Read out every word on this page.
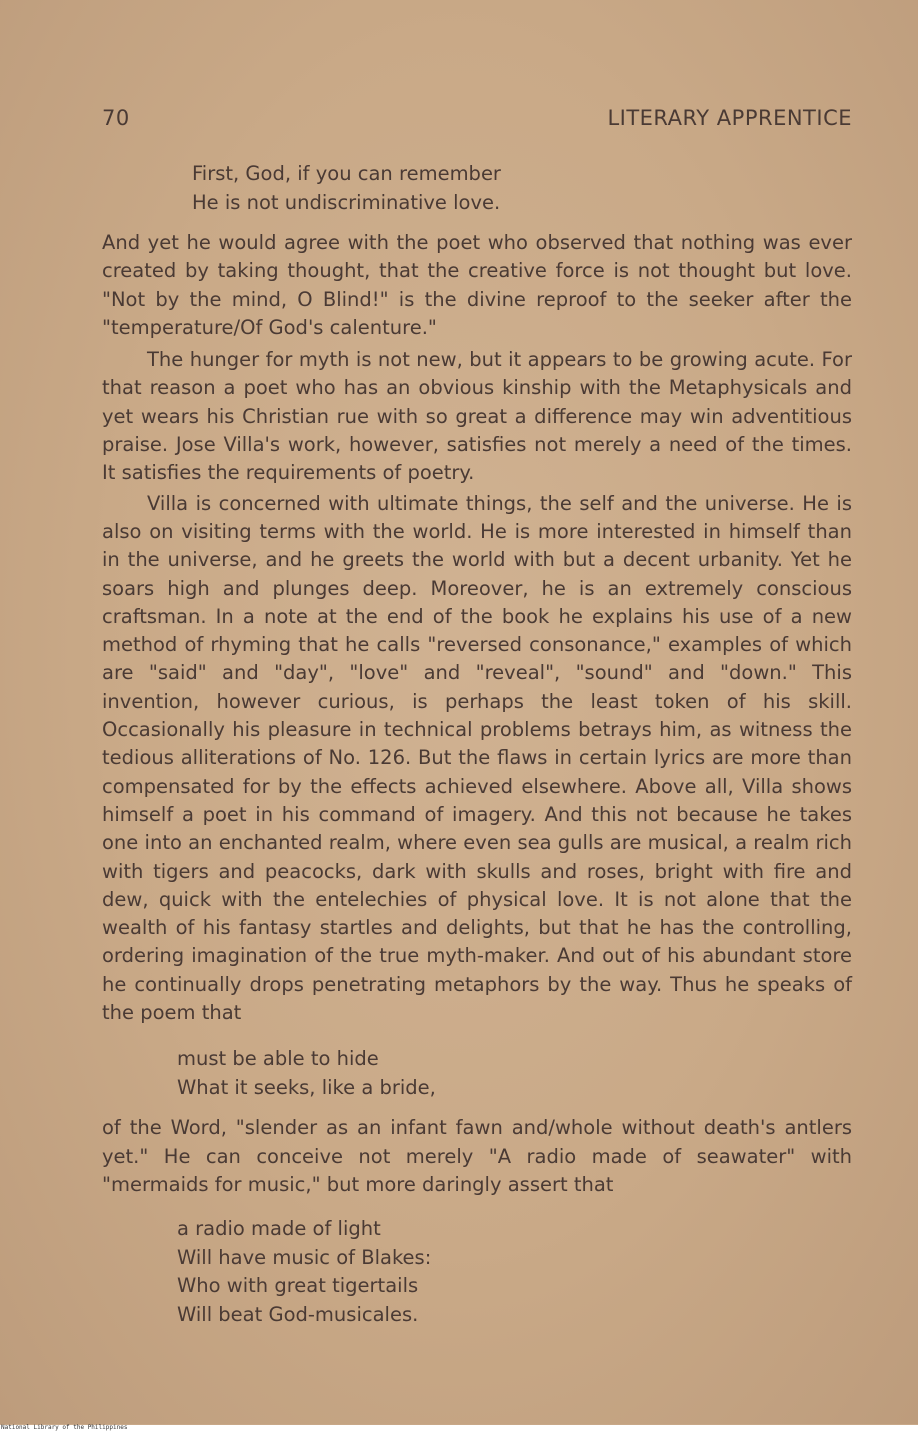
70	LITERARY APPRENTICE
First, God, if you can remember
He is not undiscriminative love.

And yet he would agree with the poet who observed that nothing was ever created by taking thought, that the creative force is not thought but love. "Not by the mind, O Blind!" is the divine reproof to the seeker after the "temperature/Of God's calenture."

The hunger for myth is not new, but it appears to be growing acute. For that reason a poet who has an obvious kinship with the Metaphysicals and yet wears his Christian rue with so great a difference may win adventitious praise. Jose Villa's work, however, satisfies not merely a need of the times. It satisfies the requirements of poetry.

Villa is concerned with ultimate things, the self and the universe. He is also on visiting terms with the world. He is more interested in himself than in the universe, and he greets the world with but a decent urbanity. Yet he soars high and plunges deep. Moreover, he is an extremely conscious craftsman. In a note at the end of the book he explains his use of a new method of rhyming that he calls "reversed consonance," examples of which are "said" and "day", "love" and "reveal", "sound" and "down." This invention, however curious, is perhaps the least token of his skill. Occasionally his pleasure in technical problems betrays him, as witness the tedious alliterations of No. 126. But the flaws in certain lyrics are more than compensated for by the effects achieved elsewhere. Above all, Villa shows himself a poet in his command of imagery. And this not because he takes one into an enchanted realm, where even sea gulls are musical, a realm rich with tigers and peacocks, dark with skulls and roses, bright with fire and dew, quick with the entelechies of physical love. It is not alone that the wealth of his fantasy startles and delights, but that he has the controlling, ordering imagination of the true myth-maker. And out of his abundant store he continually drops penetrating metaphors by the way. Thus he speaks of the poem that

must be able to hide
What it seeks, like a bride,

of the Word, "slender as an infant fawn and/whole without death's antlers yet." He can conceive not merely "A radio made of seawater" with "mermaids for music," but more daringly assert that

a radio made of light
Will have music of Blakes:
Who with great tigertails
Will beat God-musicales.
National Library of the Philippines
